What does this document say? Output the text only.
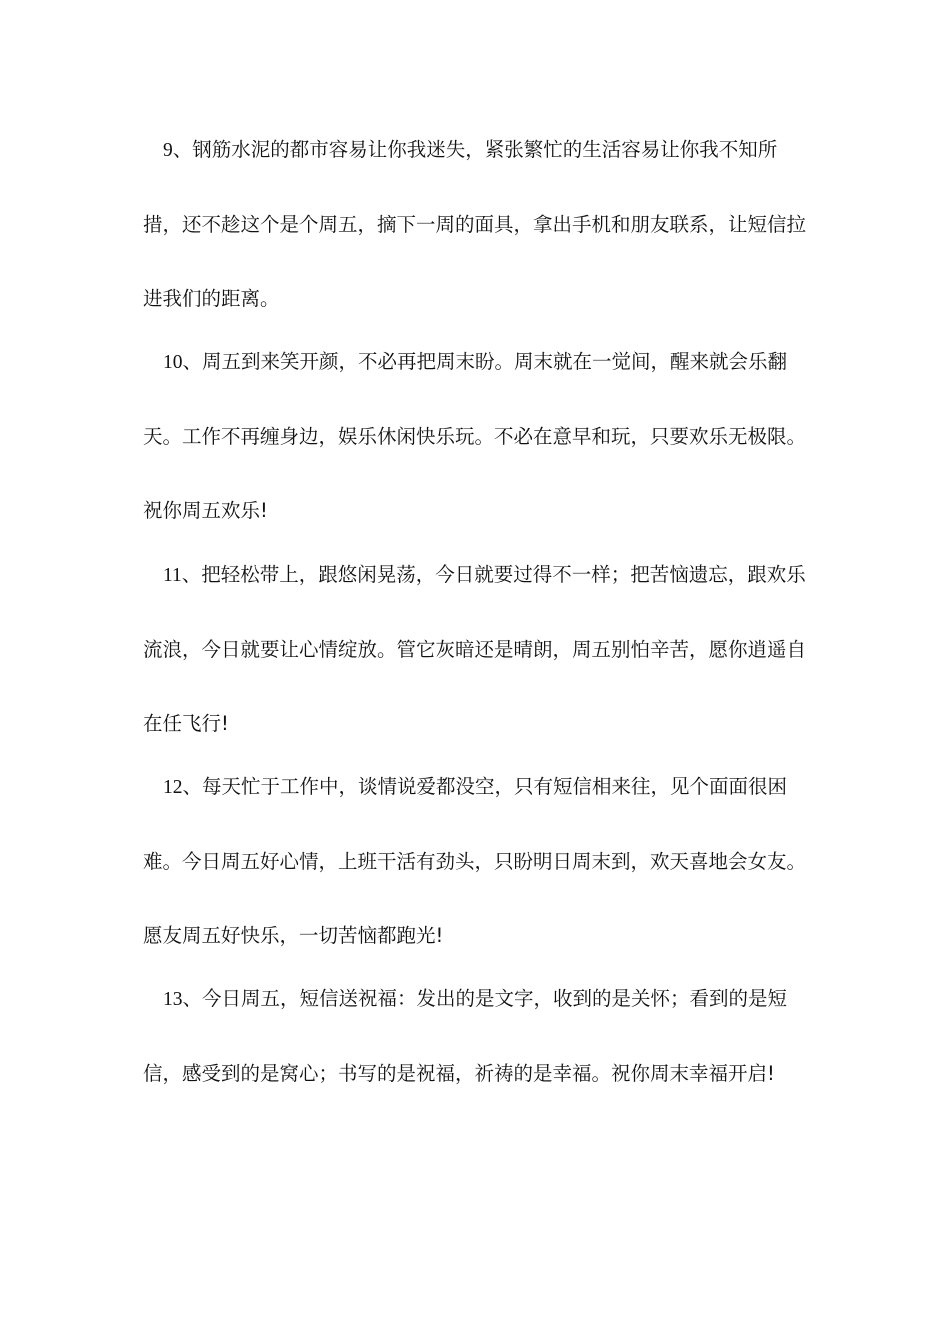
9、钢筋水泥的都市容易让你我迷失，紧张繁忙的生活容易让你我不知所措，还不趁这个是个周五，摘下一周的面具，拿出手机和朋友联系，让短信拉进我们的距离。

10、周五到来笑开颜，不必再把周末盼。周末就在一觉间，醒来就会乐翻天。工作不再缠身边，娱乐休闲快乐玩。不必在意早和玩，只要欢乐无极限。祝你周五欢乐!

11、把轻松带上，跟悠闲晃荡，今日就要过得不一样；把苦恼遗忘，跟欢乐流浪，今日就要让心情绽放。管它灰暗还是晴朗，周五别怕辛苦，愿你逍遥自在任飞行!

12、每天忙于工作中，谈情说爱都没空，只有短信相来往，见个面面很困难。今日周五好心情，上班干活有劲头，只盼明日周末到，欢天喜地会女友。愿友周五好快乐，一切苦恼都跑光!

13、今日周五，短信送祝福：发出的是文字，收到的是关怀；看到的是短信，感受到的是窝心；书写的是祝福，祈祷的是幸福。祝你周末幸福开启!
